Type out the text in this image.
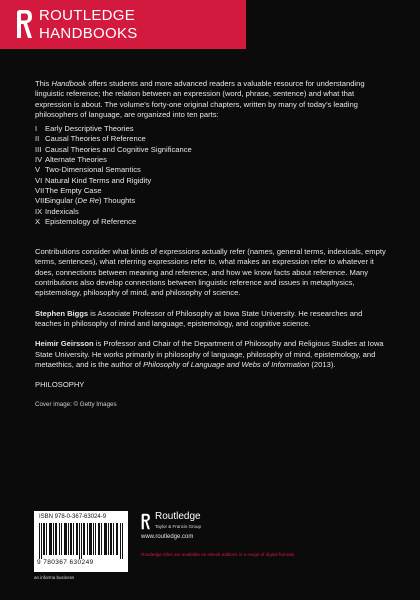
ROUTLEDGE
HANDBOOKS

This Handbook offers students and more advanced readers a valuable resource for understanding linguistic reference; the relation between an expression (word, phrase, sentence) and what that expression is about. The volume’s forty-one original chapters, written by many of today’s leading philosophers of language, are organized into ten parts:

I	Early Descriptive Theories
II Causal Theories of Reference
III Causal Theories and Cognitive Significance
IV Alternate Theories
V Two-Dimensional Semantics
VI Natural Kind Terms and Rigidity
VII The Empty Case
VIII
Singular (De Re) Thoughts
IX Indexicals
X Epistemology of Reference

Contributions consider what kinds of expressions actually refer (names, general terms, indexicals, empty terms, sentences), what referring expressions refer to, what makes an expression refer to whatever it does, connections between meaning and reference, and how we know facts about reference. Many contributions also develop connections between linguistic reference and issues in metaphysics, epistemology, philosophy of mind, and philosophy of science.

Stephen Biggs is Associate Professor of Philosophy at Iowa State University. He researches and teaches in philosophy of mind and language, epistemology, and cognitive science.

Heimir Geirsson is Professor and Chair of the Department of Philosophy and Religious Studies at Iowa State University. He works primarily in philosophy of language, philosophy of mind, epistemology, and metaethics, and is the author of Philosophy of Language and Webs of Information (2013).

PHILOSOPHY

Cover image: © Getty Images

ISBN 978-0-367-63024-9
9 780367 630249
an informa business
Routledge
Taylor & Francis Group
www.routledge.com
Routledge titles are available as eBook editions in a range of digital formats
